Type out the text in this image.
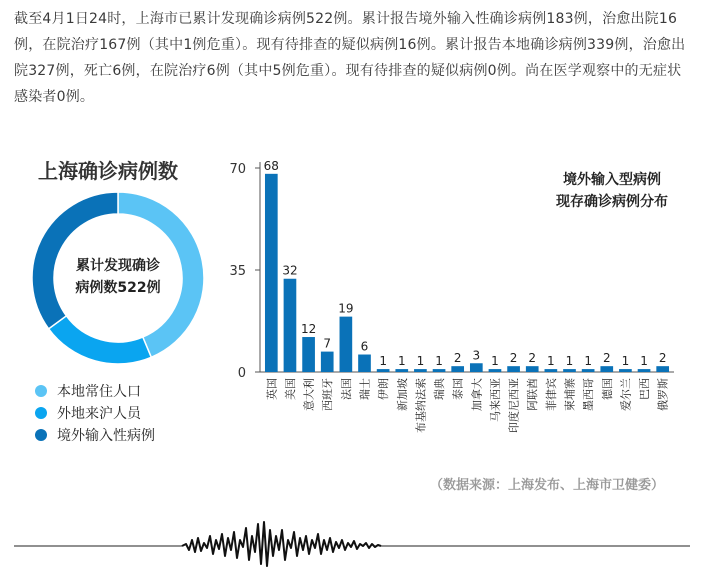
截至4月1日24时，上海市已累计发现确诊病例522例。累计报告境外输入性确诊病例183例，治愈出院16例，在院治疗167例（其中1例危重）。现有待排查的疑似病例16例。累计报告本地确诊病例339例，治愈出院327例，死亡6例，在院治疗6例（其中5例危重）。现有待排查的疑似病例0例。尚在医学观察中的无症状感染者0例。
上海确诊病例数
累计发现确诊
病例数522例
本地常住人口
外地来沪人员
境外输入性病例
0
35
70 68
英国
32
美国
12
意大利
7
西班牙
19
法国
6
瑞士
1
伊朗
1
新加坡
1
布基纳法索
1
瑞典
2
泰国
3
加拿大
1
马来西亚
2
印度尼西亚
2
阿联酋
1
菲律宾
1
柬埔寨
1
墨西哥
2
德国
1
爱尔兰
1
巴西
2
俄罗斯
境外输入型病例
现存确诊病例分布
（数据来源：上海发布、上海市卫健委）
